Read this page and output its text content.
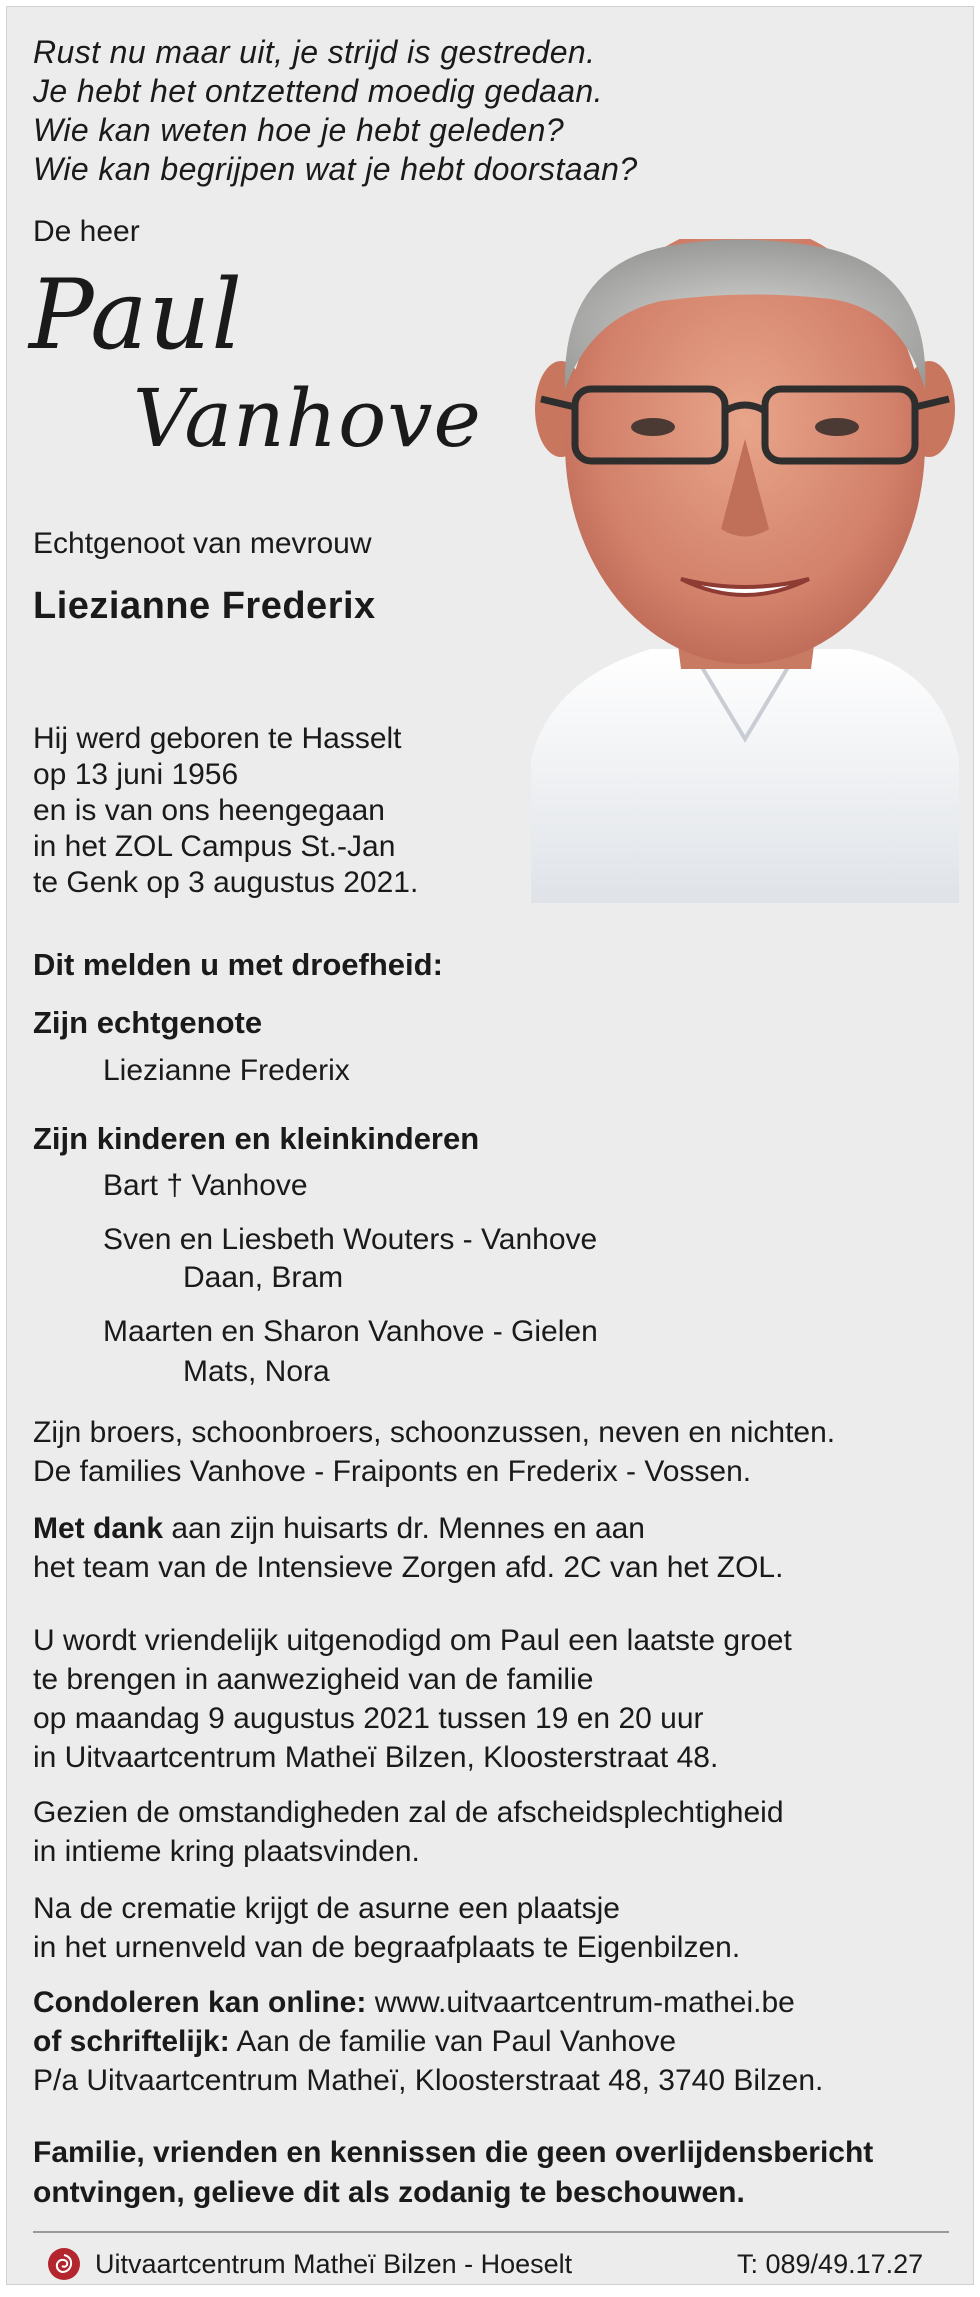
Rust nu maar uit, je strijd is gestreden.
Je hebt het ontzettend moedig gedaan.
Wie kan weten hoe je hebt geleden?
Wie kan begrijpen wat je hebt doorstaan?
De heer
Paul
Vanhove
Echtgenoot van mevrouw
Liezianne Frederix
Hij werd geboren te Hasselt
op 13 juni 1956
en is van ons heengegaan
in het ZOL Campus St.-Jan
te Genk op 3 augustus 2021.
Dit melden u met droefheid:
Zijn echtgenote
Liezianne Frederix
Zijn kinderen en kleinkinderen
Bart † Vanhove
Sven en Liesbeth Wouters - Vanhove
Daan, Bram
Maarten en Sharon Vanhove - Gielen
Mats, Nora
Zijn broers, schoonbroers, schoonzussen, neven en nichten.
De families Vanhove - Fraiponts en Frederix - Vossen.
Met dank aan zijn huisarts dr. Mennes en aan
het team van de Intensieve Zorgen afd. 2C van het ZOL.
U wordt vriendelijk uitgenodigd om Paul een laatste groet
te brengen in aanwezigheid van de familie
op maandag 9 augustus 2021 tussen 19 en 20 uur
in Uitvaartcentrum Matheï Bilzen, Kloosterstraat 48.
Gezien de omstandigheden zal de afscheidsplechtigheid
in intieme kring plaatsvinden.
Na de crematie krijgt de asurne een plaatsje
in het urnenveld van de begraafplaats te Eigenbilzen.
Condoleren kan online: www.uitvaartcentrum-mathei.be
of schriftelijk: Aan de familie van Paul Vanhove
P/a Uitvaartcentrum Matheï, Kloosterstraat 48, 3740 Bilzen.
Familie, vrienden en kennissen die geen overlijdensbericht
ontvingen, gelieve dit als zodanig te beschouwen.
Uitvaartcentrum Matheï Bilzen - Hoeselt	T: 089/49.17.27
